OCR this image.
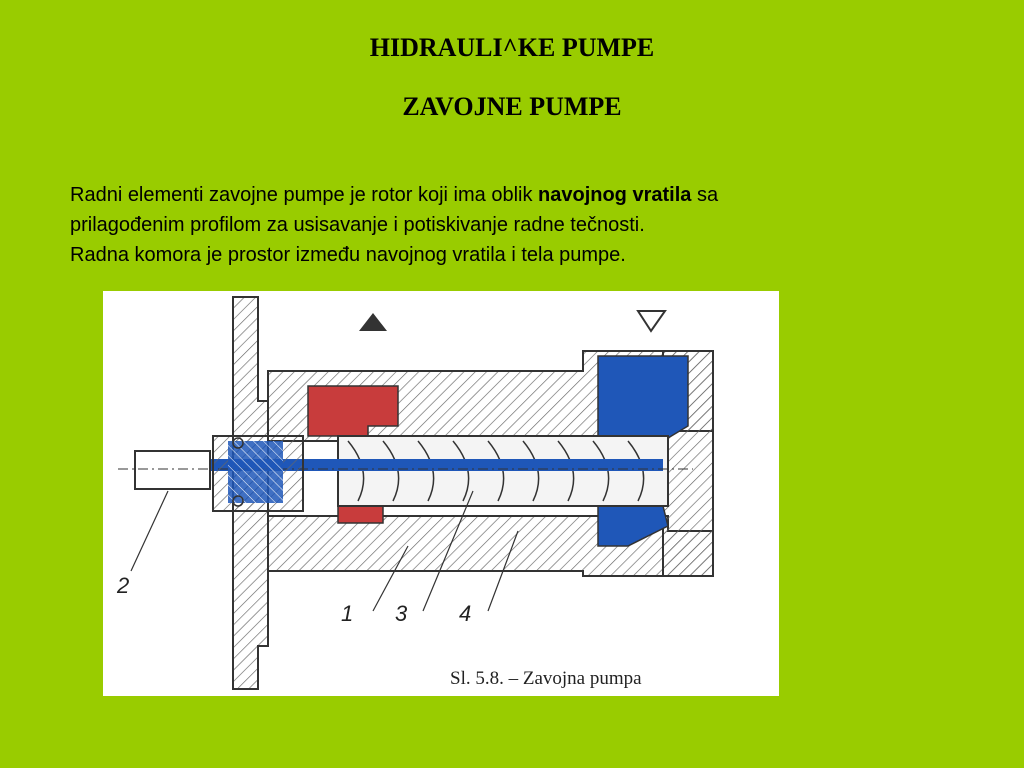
HIDRAULI^KE PUMPE
ZAVOJNE PUMPE
Radni elementi zavojne pumpe je rotor koji ima oblik navojnog vratila sa
prilagođenim profilom za usisavanje i potiskivanje radne tečnosti.
Radna komora je prostor između navojnog vratila i tela pumpe.
2
1 3 4
Sl. 5.8. – Zavojna pumpa
